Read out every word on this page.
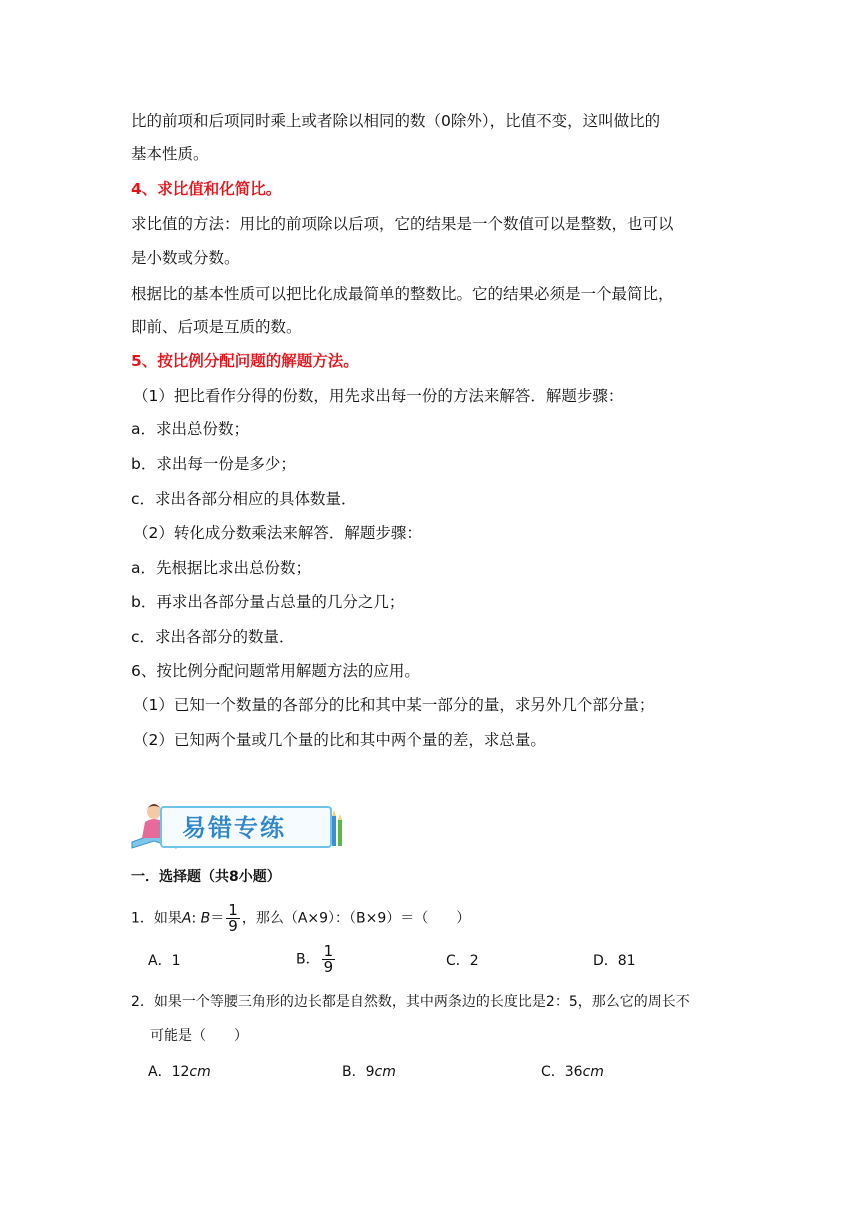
比的前项和后项同时乘上或者除以相同的数（0除外），比值不变，这叫做比的
基本性质。
4、求比值和化简比。
求比值的方法：用比的前项除以后项，它的结果是一个数值可以是整数，也可以
是小数或分数。
根据比的基本性质可以把比化成最简单的整数比。它的结果必须是一个最简比，
即前、后项是互质的数。
5、按比例分配问题的解题方法。
（1）把比看作分得的份数，用先求出每一份的方法来解答．解题步骤：
a．求出总份数；
b．求出每一份是多少；
c．求出各部分相应的具体数量．
（2）转化成分数乘法来解答．解题步骤：
a．先根据比求出总份数；
b．再求出各部分量占总量的几分之几；
c．求出各部分的数量．
6、按比例分配问题常用解题方法的应用。
（1）已知一个数量的各部分的比和其中某一部分的量，求另外几个部分量；
（2）已知两个量或几个量的比和其中两个量的差，求总量。
易错专练
一．选择题（共8小题）
1．如果A: $B= \frac{1}{9}$ ，那么（A×9）：（B×9）＝（　　）
A．1	B． $\frac{1}{9}$	C．2	D．81
2．如果一个等腰三角形的边长都是自然数，其中两条边的长度比是2：5，那么它的周长不
可能是（　　）
A．12cm	B．9cm	C．36cm
